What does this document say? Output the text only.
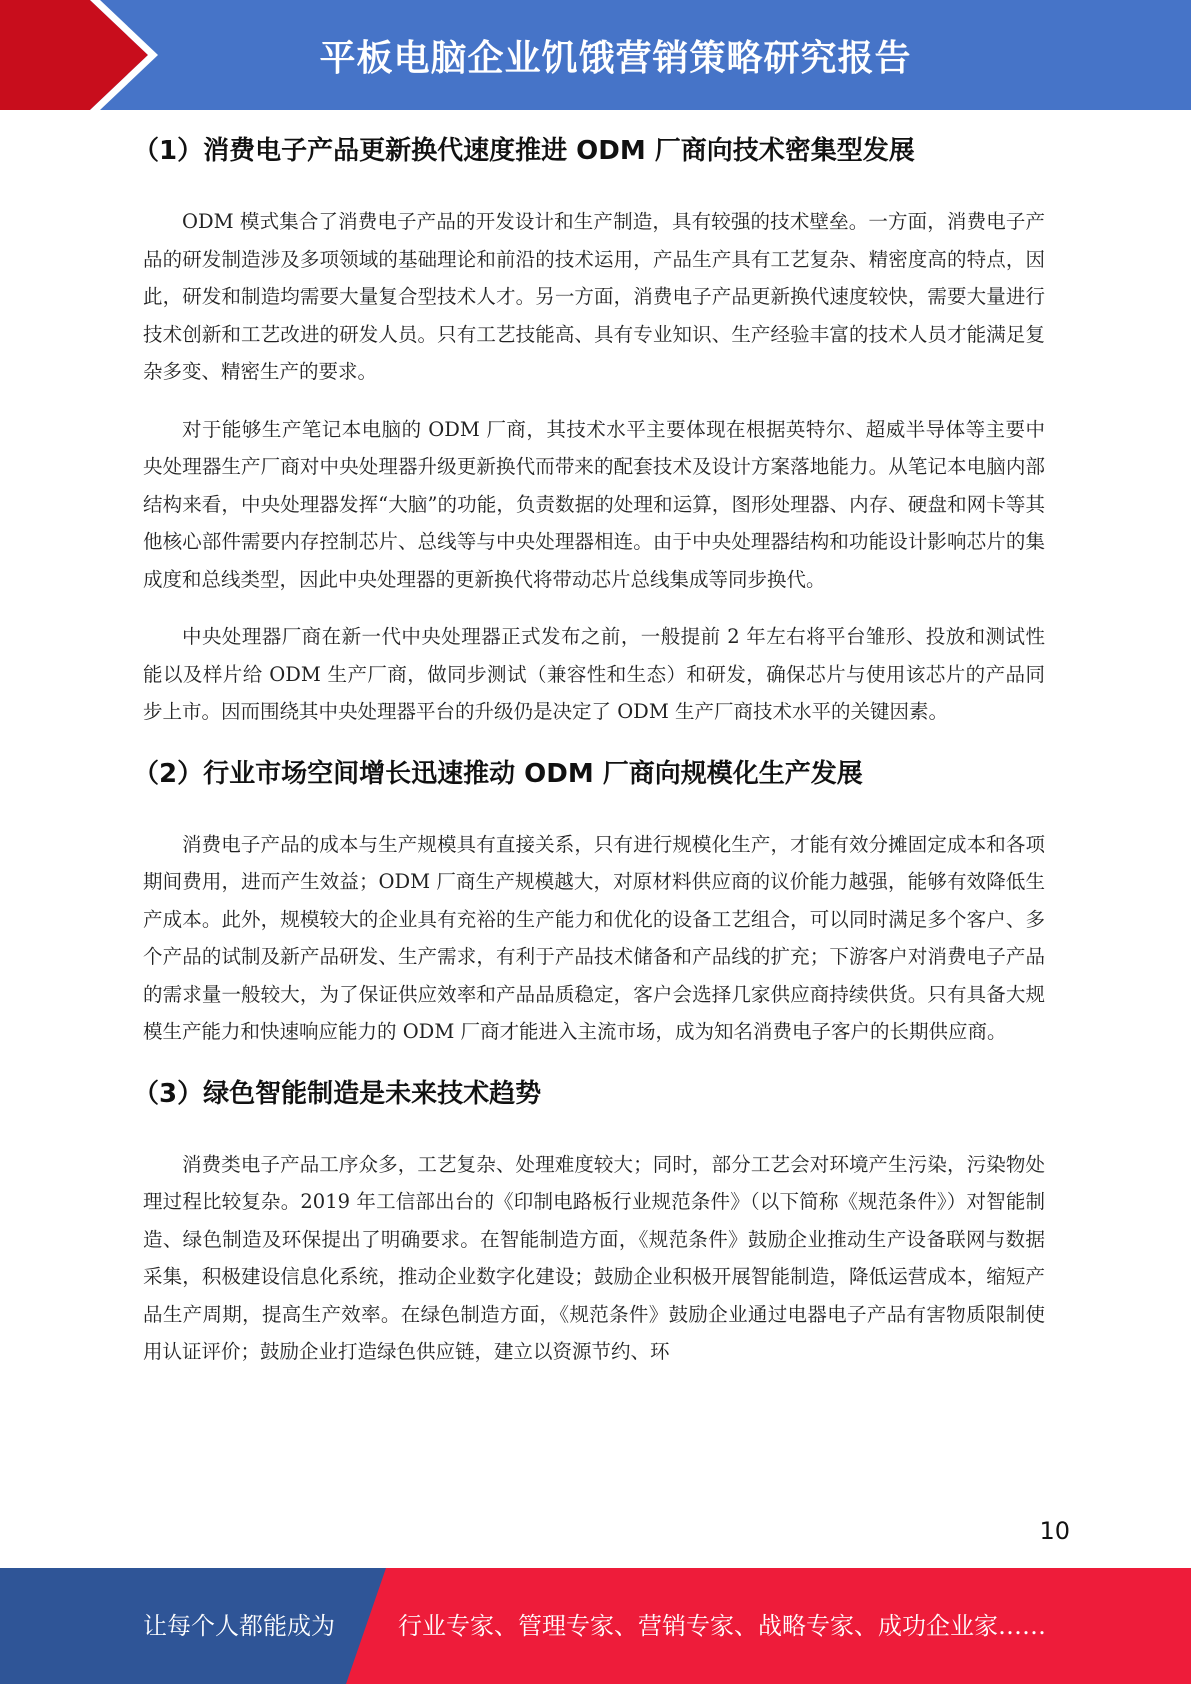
平板电脑企业饥饿营销策略研究报告
（1）消费电子产品更新换代速度推进 ODM 厂商向技术密集型发展

ODM 模式集合了消费电子产品的开发设计和生产制造，具有较强的技术壁垒。一方面，消费电子产品的研发制造涉及多项领域的基础理论和前沿的技术运用，产品生产具有工艺复杂、精密度高的特点，因此，研发和制造均需要大量复合型技术人才。另一方面，消费电子产品更新换代速度较快，需要大量进行技术创新和工艺改进的研发人员。只有工艺技能高、具有专业知识、生产经验丰富的技术人员才能满足复杂多变、精密生产的要求。

对于能够生产笔记本电脑的 ODM 厂商，其技术水平主要体现在根据英特尔、超威半导体等主要中央处理器生产厂商对中央处理器升级更新换代而带来的配套技术及设计方案落地能力。从笔记本电脑内部结构来看，中央处理器发挥“大脑”的功能，负责数据的处理和运算，图形处理器、内存、硬盘和网卡等其他核心部件需要内存控制芯片、总线等与中央处理器相连。由于中央处理器结构和功能设计影响芯片的集成度和总线类型，因此中央处理器的更新换代将带动芯片总线集成等同步换代。

中央处理器厂商在新一代中央处理器正式发布之前，一般提前 2 年左右将平台雏形、投放和测试性能以及样片给 ODM 生产厂商，做同步测试（兼容性和生态）和研发，确保芯片与使用该芯片的产品同步上市。因而围绕其中央处理器平台的升级仍是决定了 ODM 生产厂商技术水平的关键因素。

（2）行业市场空间增长迅速推动 ODM 厂商向规模化生产发展

消费电子产品的成本与生产规模具有直接关系，只有进行规模化生产，才能有效分摊固定成本和各项期间费用，进而产生效益；ODM 厂商生产规模越大，对原材料供应商的议价能力越强，能够有效降低生产成本。此外，规模较大的企业具有充裕的生产能力和优化的设备工艺组合，可以同时满足多个客户、多个产品的试制及新产品研发、生产需求，有利于产品技术储备和产品线的扩充；下游客户对消费电子产品的需求量一般较大，为了保证供应效率和产品品质稳定，客户会选择几家供应商持续供货。只有具备大规模生产能力和快速响应能力的 ODM 厂商才能进入主流市场，成为知名消费电子客户的长期供应商。

（3）绿色智能制造是未来技术趋势

消费类电子产品工序众多，工艺复杂、处理难度较大；同时，部分工艺会对环境产生污染，污染物处理过程比较复杂。2019 年工信部出台的《印制电路板行业规范条件》（以下简称《规范条件》）对智能制造、绿色制造及环保提出了明确要求。在智能制造方面，《规范条件》鼓励企业推动生产设备联网与数据采集，积极建设信息化系统，推动企业数字化建设；鼓励企业积极开展智能制造，降低运营成本，缩短产品生产周期，提高生产效率。在绿色制造方面，《规范条件》鼓励企业通过电器电子产品有害物质限制使用认证评价；鼓励企业打造绿色供应链，建立以资源节约、环

10
让每个人都能成为	行业专家、管理专家、营销专家、战略专家、成功企业家……
